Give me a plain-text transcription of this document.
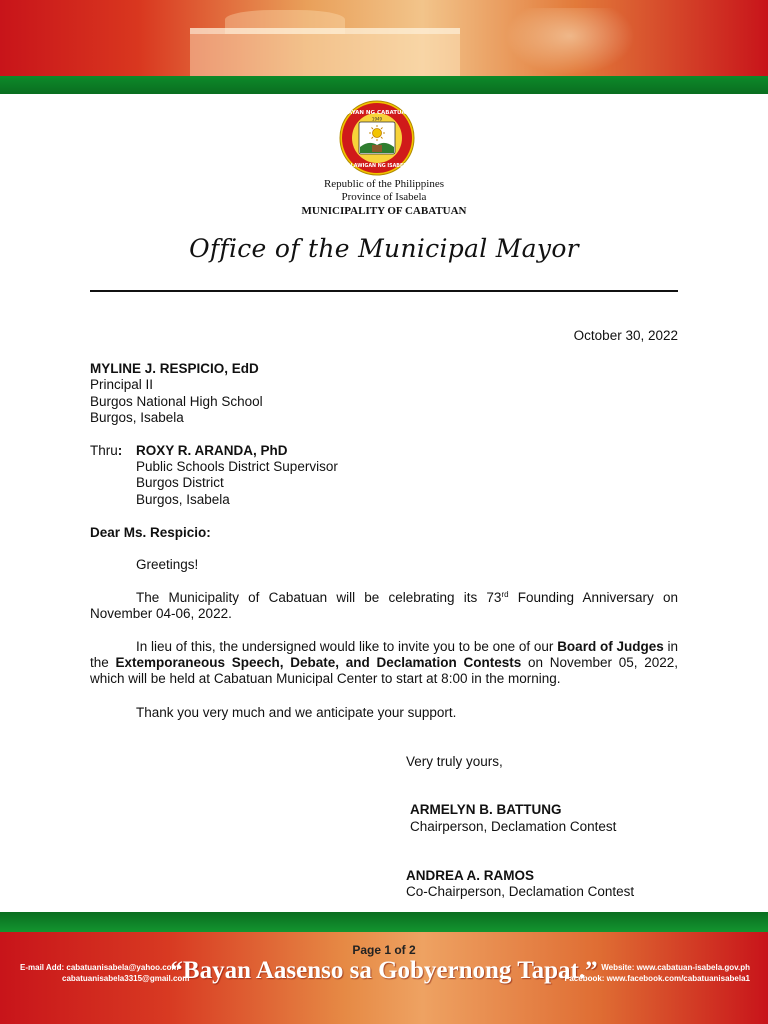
BAYAN NG CABATUAN
1949
LALAWIGAN NG ISABELA
Republic of the Philippines
Province of Isabela
MUNICIPALITY OF CABATUAN
Office of the Municipal Mayor
October 30, 2022
MYLINE J. RESPICIO, EdD
Principal II
Burgos National High School
Burgos, Isabela
Thru: ROXY R. ARANDA, PhD
Public Schools District Supervisor
Burgos District
Burgos, Isabela
Dear Ms. Respicio:
Greetings!
The Municipality of Cabatuan will be celebrating its 73rd Founding Anniversary on November 04-06, 2022.
In lieu of this, the undersigned would like to invite you to be one of our Board of Judges in the Extemporaneous Speech, Debate, and Declamation Contests on November 05, 2022, which will be held at Cabatuan Municipal Center to start at 8:00 in the morning.
Thank you very much and we anticipate your support.
Very truly yours,
ARMELYN B. BATTUNG
Chairperson, Declamation Contest
ANDREA A. RAMOS
Co-Chairperson, Declamation Contest
Page 1 of 2
“Bayan Aasenso sa Gobyernong Tapat.”
E-mail Add: cabatuanisabela@yahoo.com
cabatuanisabela3315@gmail.com
Website: www.cabatuan-isabela.gov.ph
Facebook: www.facebook.com/cabatuanisabela1
